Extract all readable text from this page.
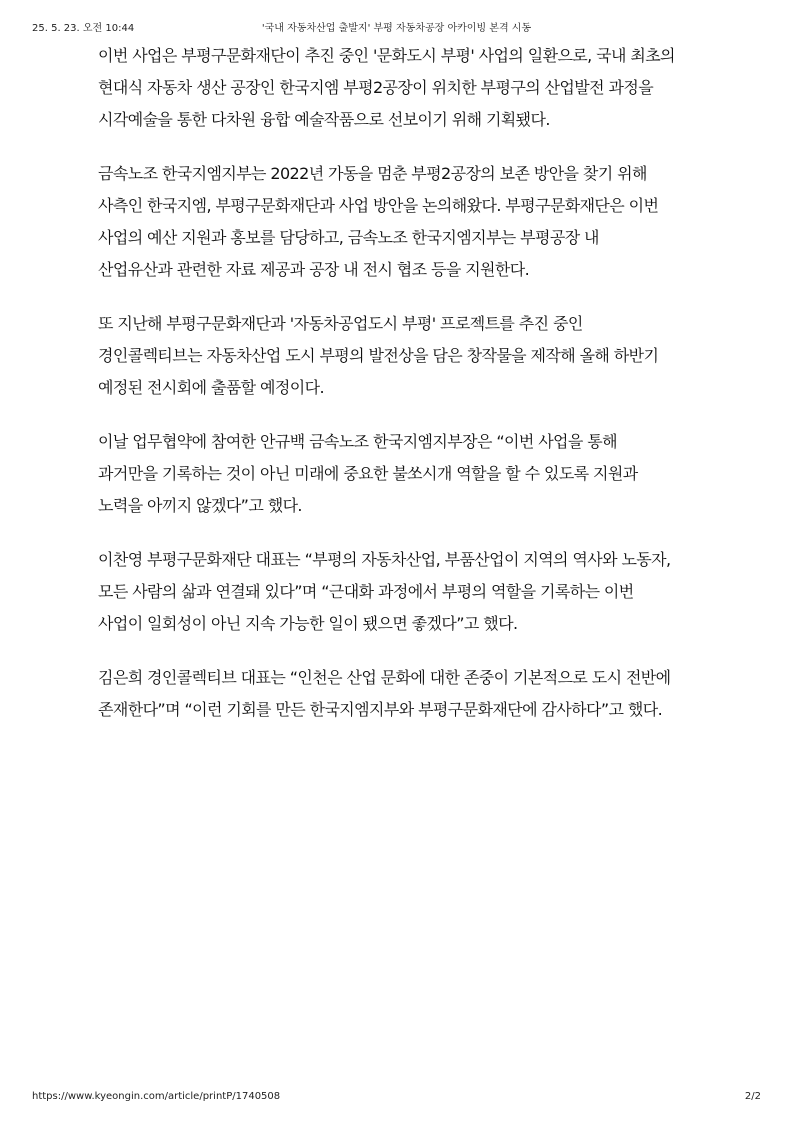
25. 5. 23. 오전 10:44	'국내 자동차산업 출발지' 부평 자동차공장 아카이빙 본격 시동

이번 사업은 부평구문화재단이 추진 중인 '문화도시 부평' 사업의 일환으로, 국내 최초의
현대식 자동차 생산 공장인 한국지엠 부평2공장이 위치한 부평구의 산업발전 과정을
시각예술을 통한 다차원 융합 예술작품으로 선보이기 위해 기획됐다.

금속노조 한국지엠지부는 2022년 가동을 멈춘 부평2공장의 보존 방안을 찾기 위해
사측인 한국지엠, 부평구문화재단과 사업 방안을 논의해왔다. 부평구문화재단은 이번
사업의 예산 지원과 홍보를 담당하고, 금속노조 한국지엠지부는 부평공장 내
산업유산과 관련한 자료 제공과 공장 내 전시 협조 등을 지원한다.

또 지난해 부평구문화재단과 '자동차공업도시 부평' 프로젝트를 추진 중인
경인콜렉티브는 자동차산업 도시 부평의 발전상을 담은 창작물을 제작해 올해 하반기
예정된 전시회에 출품할 예정이다.

이날 업무협약에 참여한 안규백 금속노조 한국지엠지부장은 “이번 사업을 통해
과거만을 기록하는 것이 아닌 미래에 중요한 불쏘시개 역할을 할 수 있도록 지원과
노력을 아끼지 않겠다”고 했다.

이찬영 부평구문화재단 대표는 “부평의 자동차산업, 부품산업이 지역의 역사와 노동자,
모든 사람의 삶과 연결돼 있다”며 “근대화 과정에서 부평의 역할을 기록하는 이번
사업이 일회성이 아닌 지속 가능한 일이 됐으면 좋겠다”고 했다.

김은희 경인콜렉티브 대표는 “인천은 산업 문화에 대한 존중이 기본적으로 도시 전반에
존재한다”며 “이런 기회를 만든 한국지엠지부와 부평구문화재단에 감사하다”고 했다.

https://www.kyeongin.com/article/printP/1740508	2/2
